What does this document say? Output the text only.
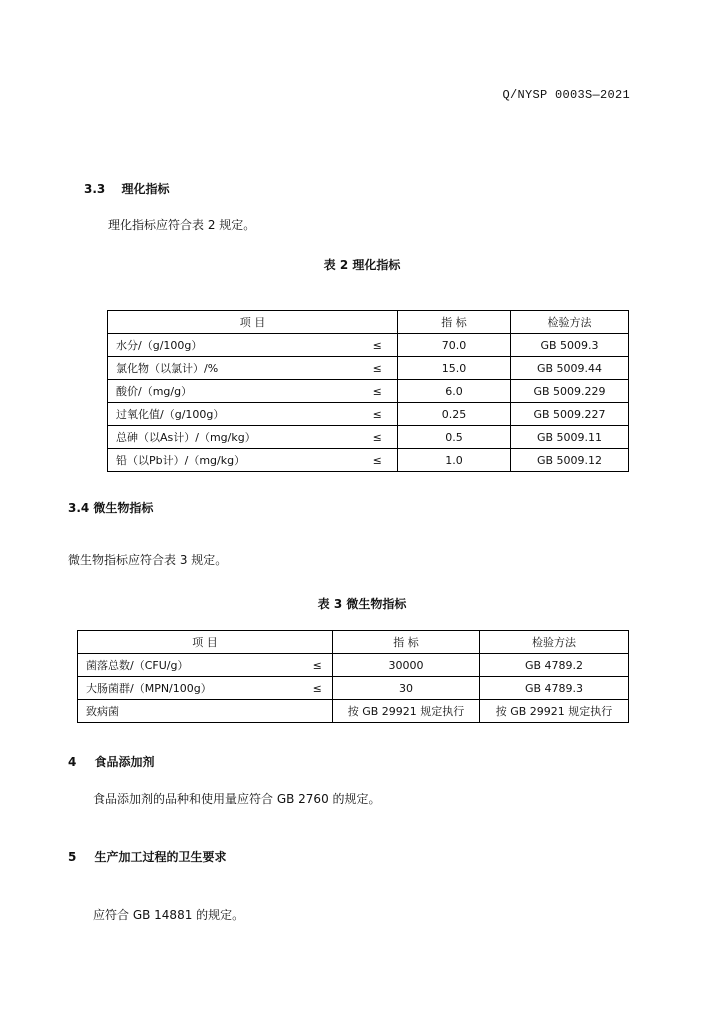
Q/NYSP 0003S—2021
3.3 理化指标
理化指标应符合表 2 规定。
表 2 理化指标
项 目		指 标	检验方法
水分/（g/100g）	≤	70.0	GB 5009.3
氯化物（以氯计）/%	≤	15.0	GB 5009.44
酸价/（mg/g）	≤	6.0	GB 5009.229
过氧化值/（g/100g）	≤	0.25	GB 5009.227
总砷（以As计）/（mg/kg）	≤	0.5	GB 5009.11
铅（以Pb计）/（mg/kg）	≤	1.0	GB 5009.12
3.4 微生物指标
微生物指标应符合表 3 规定。
表 3 微生物指标
项 目		指 标	检验方法
菌落总数/（CFU/g）	≤	30000	GB 4789.2
大肠菌群/（MPN/100g）	≤	30	GB 4789.3
致病菌		按 GB 29921 规定执行	按 GB 29921 规定执行
4 食品添加剂
食品添加剂的品种和使用量应符合 GB 2760 的规定。
5 生产加工过程的卫生要求
应符合 GB 14881 的规定。
